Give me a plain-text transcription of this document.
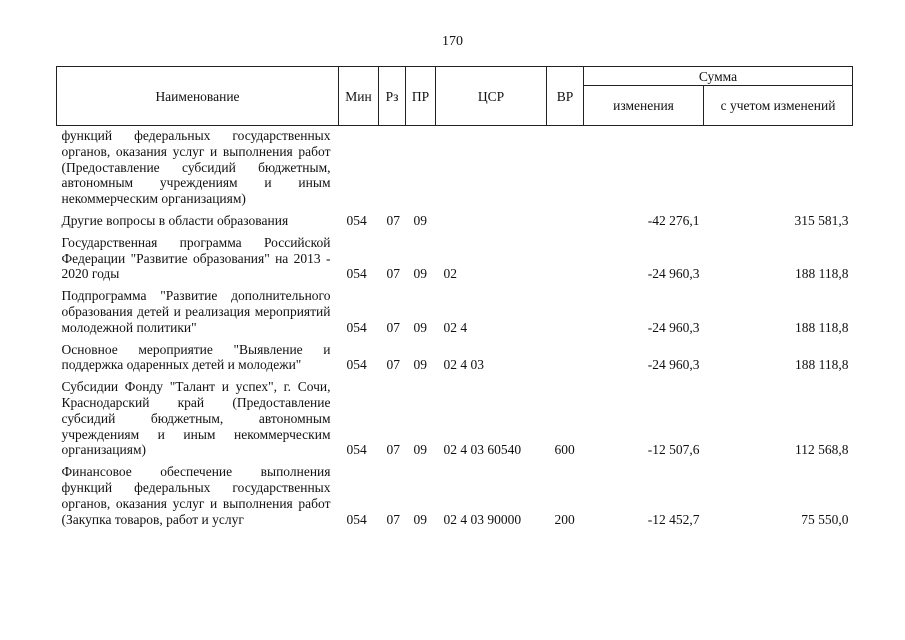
170
Наименование	Мин	Рз	ПР	ЦСР	ВР	Сумма	
						изменения	с учетом изменений
функций федеральных государственных органов, оказания услуг и выполнения работ (Предоставление субсидий бюджетным, автономным учреждениям и иным некоммерческим организациям)							
Другие вопросы в области образования	054	07	09			-42 276,1	315 581,3
Государственная программа Российской Федерации "Развитие образования" на 2013 - 2020 годы	054	07	09	02		-24 960,3	188 118,8
Подпрограмма "Развитие дополнительного образования детей и реализация мероприятий молодежной политики"	054	07	09	02 4		-24 960,3	188 118,8
Основное мероприятие "Выявление и поддержка одаренных детей и молодежи"	054	07	09	02 4 03		-24 960,3	188 118,8
Субсидии Фонду "Талант и успех", г. Сочи, Краснодарский край (Предоставление субсидий бюджетным, автономным учреждениям и иным некоммерческим организациям)	054	07	09	02 4 03 60540	600	-12 507,6	112 568,8
Финансовое обеспечение выполнения функций федеральных государственных органов, оказания услуг и выполнения работ (Закупка товаров, работ и услуг	054	07	09	02 4 03 90000	200	-12 452,7	75 550,0
